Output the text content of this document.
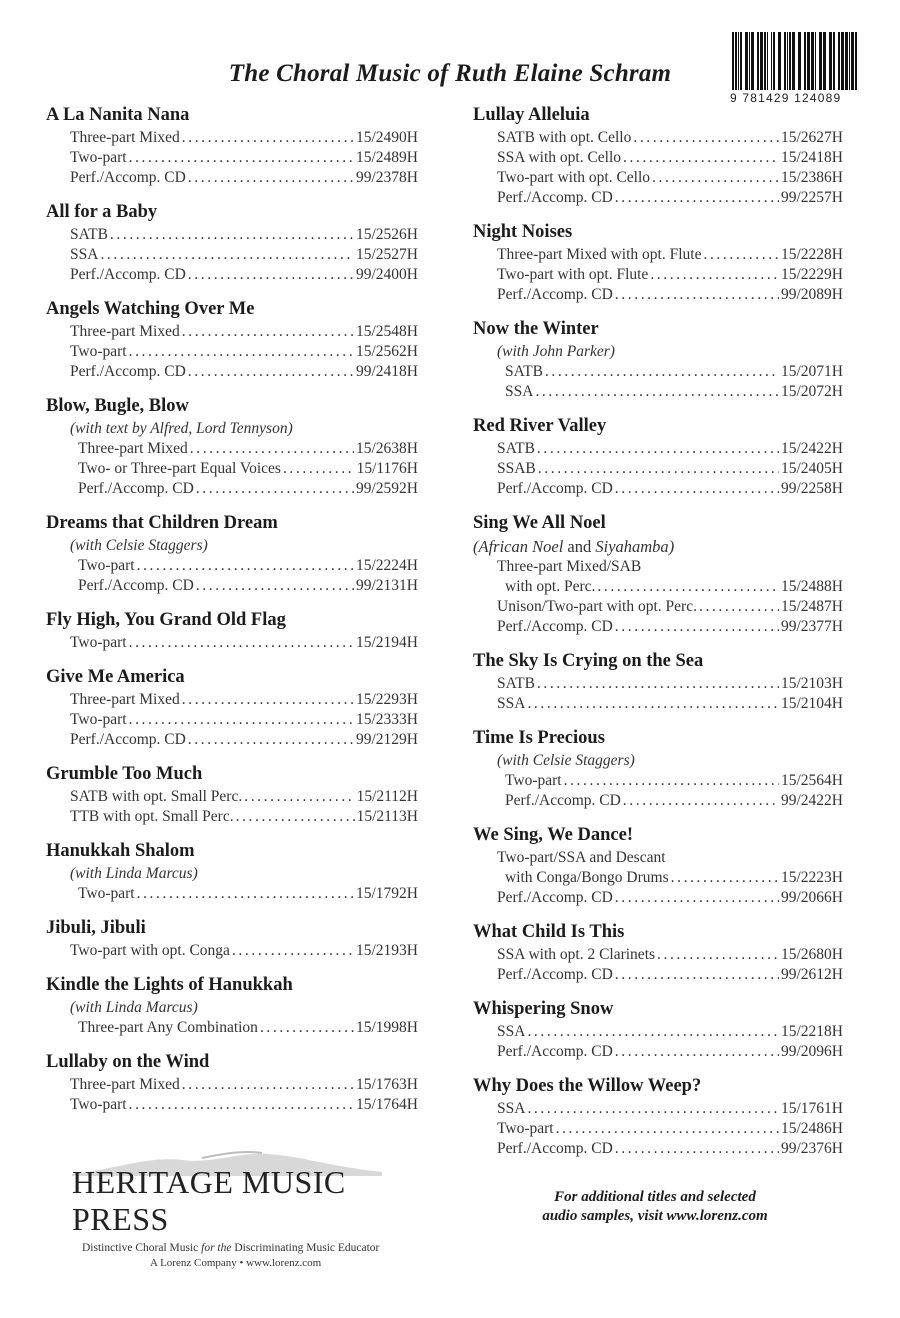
The Choral Music of Ruth Elaine Schram
9 781429 124089
A La Nanita Nana
Three-part Mixed .....	15/2490H
Two-part .....	15/2489H
Perf./Accomp. CD .....	99/2378H
All for a Baby
SATB .....	15/2526H
SSA .....	15/2527H
Perf./Accomp. CD .....	99/2400H
Angels Watching Over Me
Three-part Mixed .....	15/2548H
Two-part .....	15/2562H
Perf./Accomp. CD .....	99/2418H
Blow, Bugle, Blow
(with text by Alfred, Lord Tennyson)
Three-part Mixed .....	15/2638H
Two- or Three-part Equal Voices .....	15/1176H
Perf./Accomp. CD .....	99/2592H
Dreams that Children Dream
(with Celsie Staggers)
Two-part .....	15/2224H
Perf./Accomp. CD .....	99/2131H
Fly High, You Grand Old Flag
Two-part .....	15/2194H
Give Me America
Three-part Mixed .....	15/2293H
Two-part .....	15/2333H
Perf./Accomp. CD .....	99/2129H
Grumble Too Much
SATB with opt. Small Perc. .....	15/2112H
TTB with opt. Small Perc. .....	15/2113H
Hanukkah Shalom
(with Linda Marcus)
Two-part .....	15/1792H
Jibuli, Jibuli
Two-part with opt. Conga .....	15/2193H
Kindle the Lights of Hanukkah
(with Linda Marcus)
Three-part Any Combination .....	15/1998H
Lullaby on the Wind
Three-part Mixed .....	15/1763H
Two-part .....	15/1764H
Lullay Alleluia
SATB with opt. Cello .....	15/2627H
SSA with opt. Cello .....	15/2418H
Two-part with opt. Cello .....	15/2386H
Perf./Accomp. CD .....	99/2257H
Night Noises
Three-part Mixed with opt. Flute .....	15/2228H
Two-part with opt. Flute .....	15/2229H
Perf./Accomp. CD .....	99/2089H
Now the Winter
(with John Parker)
SATB .....	15/2071H
SSA .....	15/2072H
Red River Valley
SATB .....	15/2422H
SSAB .....	15/2405H
Perf./Accomp. CD .....	99/2258H
Sing We All Noel
(African Noel and Siyahamba)
Three-part Mixed/SAB
with opt. Perc. .....	15/2488H
Unison/Two-part with opt. Perc. .....	15/2487H
Perf./Accomp. CD .....	99/2377H
The Sky Is Crying on the Sea
SATB .....	15/2103H
SSA .....	15/2104H
Time Is Precious
(with Celsie Staggers)
Two-part .....	15/2564H
Perf./Accomp. CD .....	99/2422H
We Sing, We Dance!
Two-part/SSA and Descant
with Conga/Bongo Drums .....	15/2223H
Perf./Accomp. CD .....	99/2066H
What Child Is This
SSA with opt. 2 Clarinets .....	15/2680H
Perf./Accomp. CD .....	99/2612H
Whispering Snow
SSA .....	15/2218H
Perf./Accomp. CD .....	99/2096H
Why Does the Willow Weep?
SSA .....	15/1761H
Two-part .....	15/2486H
Perf./Accomp. CD .....	99/2376H
HERITAGE MUSIC PRESS
Distinctive Choral Music for the Discriminating Music Educator
A Lorenz Company • www.lorenz.com
For additional titles and selected
audio samples, visit www.lorenz.com
